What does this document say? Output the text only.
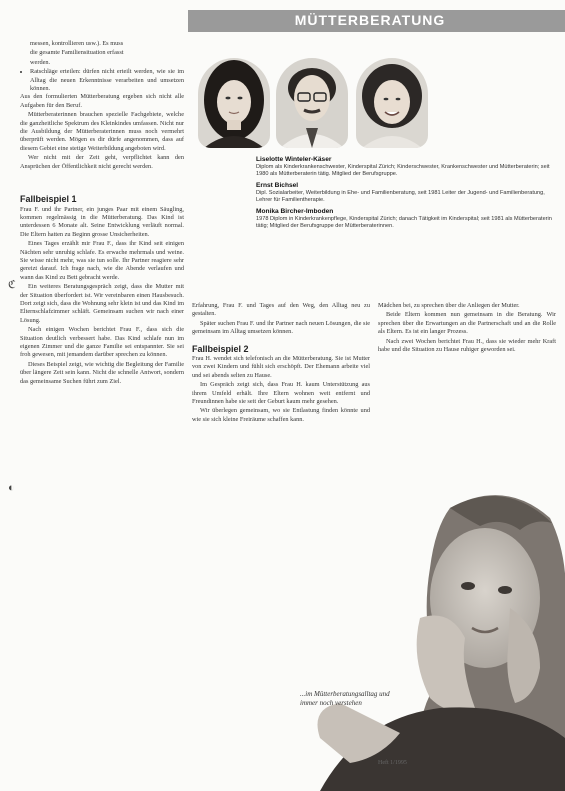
MÜTTERBERATUNG

messen, kontrollieren usw.). Es muss

die gesamte Familiensituation erfasst

werden.

• Ratschläge erteilen: dürfen nicht erteilt werden, wie sie im Alltag die neuen Erkenntnisse verarbeiten und umsetzen können.

Aus den formulierten Mütterberatung ergeben sich nicht alle Aufgaben für den Beruf.

Mütterberaterinnen brauchen spezielle Fachgebiete, welche die ganzheitliche Spektrum des Kleinkindes umfassen. Nicht nur die Ausbildung der Mütterberaterinnen muss noch vermehrt überprüft werden. Mögen es dir dürfe angenommen, dass auf diesem Gebiet eine stetige Weiterbildung angeboten wird.

Wer nicht mit der Zeit geht, verpflichtet kann den Ansprüchen der Öffentlichkeit nicht gerecht werden.

Fallbeispiel 1

Frau F. und ihr Partner, ein junges Paar mit einem Säugling, kommen regelmässig in die Mütterberatung. Das Kind ist unterdessen 6 Monate alt. Seine Entwicklung verläuft normal. Die Eltern hatten zu Beginn grosse Unsicherheiten.

Eines Tages erzählt mir Frau F., dass ihr Kind seit einigen Nächten sehr unruhig schlafe. Es erwache mehrmals und weine. Sie wisse nicht mehr, was sie tun solle. Ihr Partner reagiere sehr gereizt darauf. Ich frage nach, wie die Abende verlaufen und wann das Kind zu Bett gebracht werde.

Ein weiteres Beratungsgespräch zeigt, dass die Mutter mit der Situation überfordert ist. Wir vereinbaren einen Hausbesuch. Dort zeigt sich, dass die Wohnung sehr klein ist und das Kind im Elternschlafzimmer schläft. Gemeinsam suchen wir nach einer Lösung.

Nach einigen Wochen berichtet Frau F., dass sich die Situation deutlich verbessert habe. Das Kind schlafe nun im eigenen Zimmer und die ganze Familie sei entspannter. Sie sei froh gewesen, mit jemandem darüber sprechen zu können.

Dieses Beispiel zeigt, wie wichtig die Begleitung der Familie über längere Zeit sein kann. Nicht die schnelle Antwort, sondern das gemeinsame Suchen führt zum Ziel.

ℭ
◐
Liselotte Winteler-Käser

Diplom als Kinderkrankenschwester, Kinderspital Zürich; Kinderschwester, Krankenschwester und Mütterberaterin; seit 1980 als Mütterberaterin tätig. Mitglied der Berufsgruppe.

Ernst Bichsel

Dipl. Sozialarbeiter, Weiterbildung in Ehe- und Familienberatung, seit 1981 Leiter der Jugend- und Familienberatung, Lehrer für Familientherapie.

Monika Bircher-Imboden

1978 Diplom in Kinderkrankenpflege, Kinderspital Zürich; danach Tätigkeit im Kinderspital; seit 1981 als Mütterberaterin tätig; Mitglied der Berufsgruppe der Mütterberaterinnen.

Erfahrung, Frau F. und Tages auf den Weg, den Alltag neu zu gestalten.

Später suchen Frau F. und ihr Partner nach neuen Lösungen, die sie gemeinsam im Alltag umsetzen können.

Fallbeispiel 2

Frau H. wendet sich telefonisch an die Mütterberatung. Sie ist Mutter von zwei Kindern und fühlt sich erschöpft. Der Ehemann arbeite viel und sei abends selten zu Hause.

Im Gespräch zeigt sich, dass Frau H. kaum Unterstützung aus ihrem Umfeld erhält. Ihre Eltern wohnen weit entfernt und Freundinnen habe sie seit der Geburt kaum mehr gesehen.

Wir überlegen gemeinsam, wo sie Entlastung finden könnte und wie sie sich kleine Freiräume schaffen kann.

Mädchen bei, zu sprechen über die Anliegen der Mutter.

Beide Eltern kommen nun gemeinsam in die Beratung. Wir sprechen über die Erwartungen an die Partnerschaft und an die Rolle als Eltern. Es ist ein langer Prozess.

Nach zwei Wochen berichtet Frau H., dass sie wieder mehr Kraft habe und die Situation zu Hause ruhiger geworden sei.

...im Mütterberatungsalltag und immer noch verstehen
Heft 1/1995
